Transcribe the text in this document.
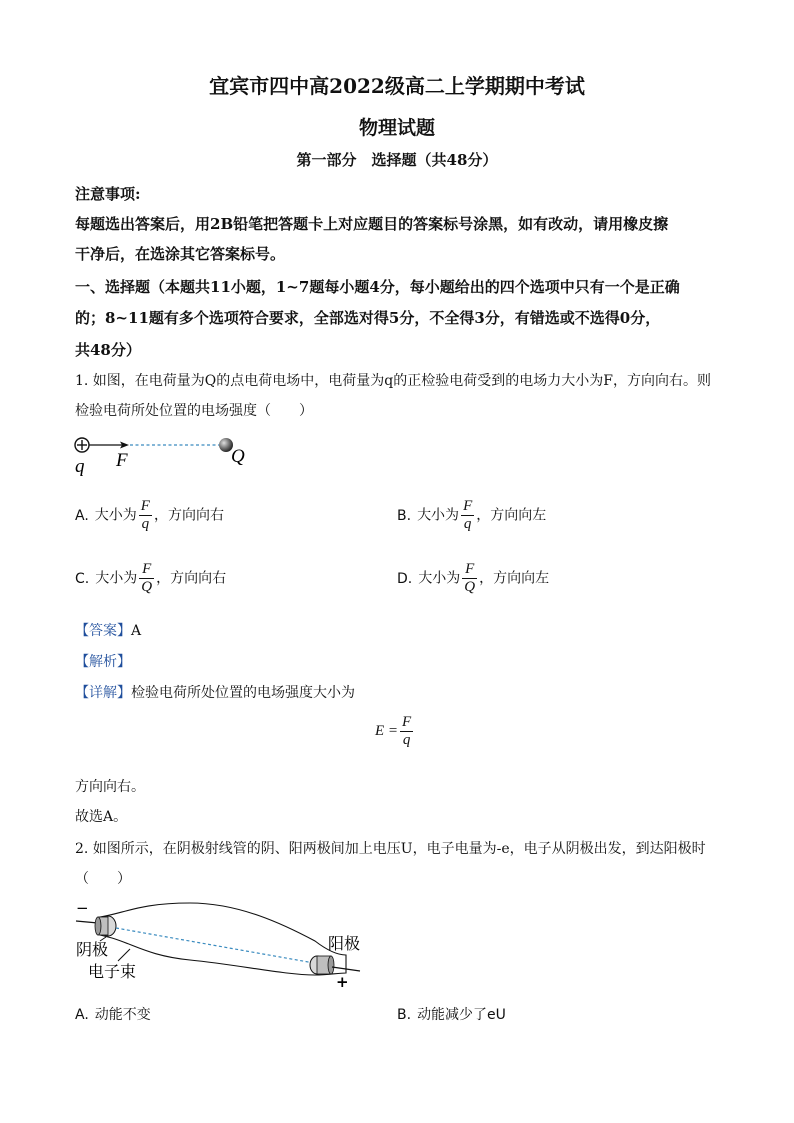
宜宾市四中高2022级高二上学期期中考试
物理试题
第一部分　选择题（共48分）
注意事项:
每题选出答案后，用2B铅笔把答题卡上对应题目的答案标号涂黑，如有改动，请用橡皮擦
干净后，在选涂其它答案标号。
一、选择题（本题共11小题，1~7题每小题4分，每小题给出的四个选项中只有一个是正确
的；8~11题有多个选项符合要求，全部选对得5分，不全得3分，有错选或不选得0分，
共48分）
1. 如图，在电荷量为Q的点电荷电场中，电荷量为q的正检验电荷受到的电场力大小为F，方向向右。则
检验电荷所处位置的电场强度（　　）
q F	Q
A. 大小为 $\frac{F}{q}$ ，方向向右	B. 大小为 $\frac{F}{q}$ ，方向向左
C. 大小为 $\frac{F}{Q}$ ，方向向右	D. 大小为 $\frac{F}{Q}$ ，方向向左
【答案】A
【解析】
【详解】检验电荷所处位置的电场强度大小为
$E = \frac{F}{q}$
方向向右。
故选A。
2. 如图所示，在阴极射线管的阴、阳两极间加上电压U，电子电量为-e，电子从阴极出发，到达阳极时
（　　）
−
+
阴极
电子束
阳极
A. 动能不变	B. 动能减少了eU
